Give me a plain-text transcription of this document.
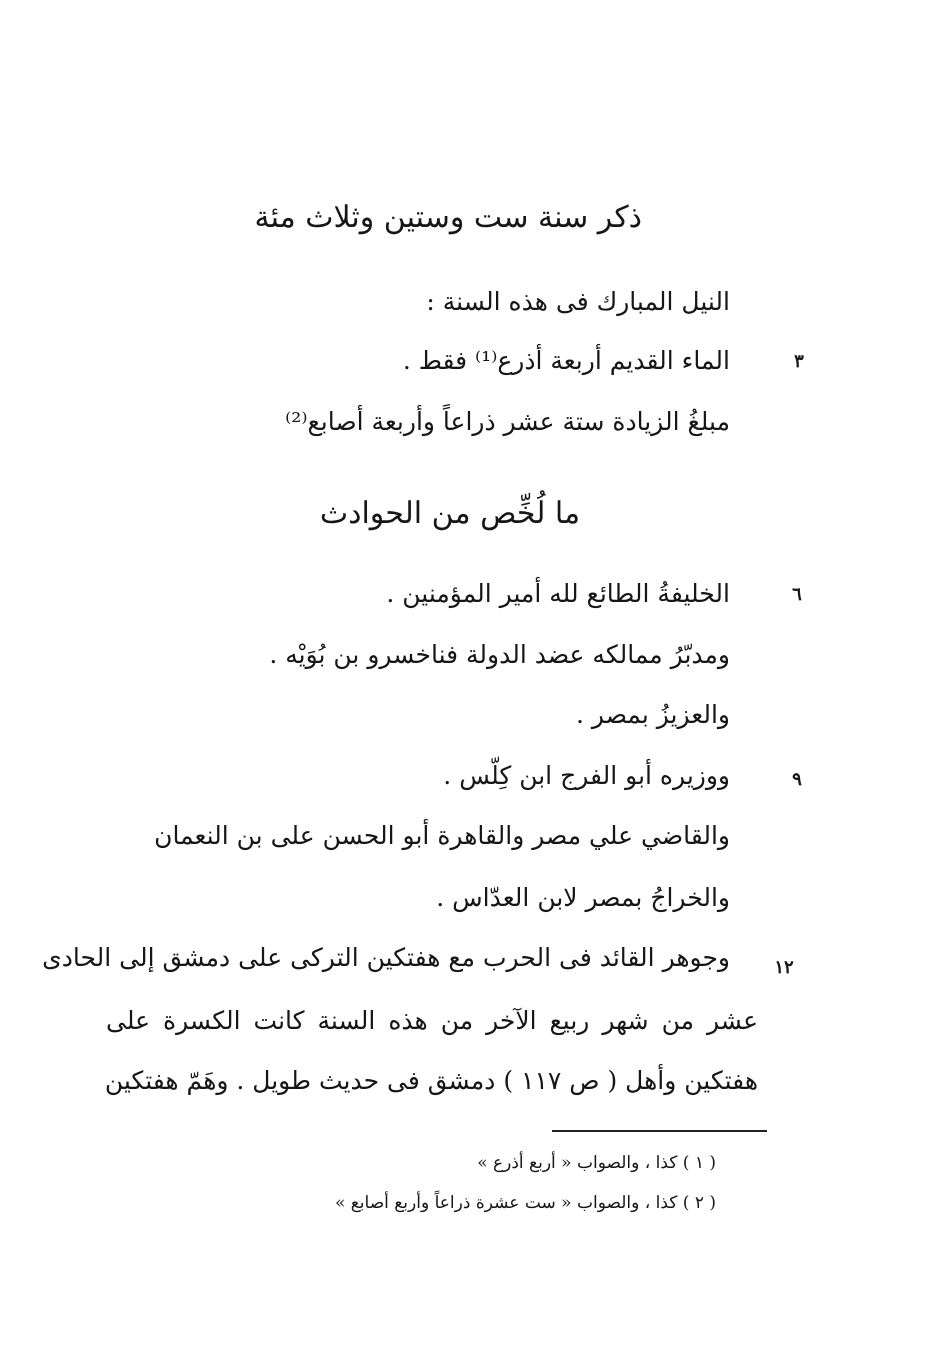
ذكر سنة ست وستين وثلاث مئة
النيل المبارك فى هذه السنة :
الماء القديم أربعة أذرع⁽¹⁾ فقط .	٣
مبلغُ الزيادة ستة عشر ذراعاً وأربعة أصابع⁽²⁾
ما لُخِّص من الحوادث
الخليفةُ الطائع لله أمير المؤمنين .	٦
ومدبّرُ ممالكه عضد الدولة فناخسرو بن بُوَيْه .
والعزيزُ بمصر .
ووزيره أبو الفرج ابن كِلّس .	٩
والقاضي علي مصر والقاهرة أبو الحسن على بن النعمان
والخراجُ بمصر لابن العدّاس .
وجوهر القائد فى الحرب مع هفتكين التركى على دمشق إلى الحادى	١٢
عشر من شهر ربيع الآخر من هذه السنة كانت الكسرة على
هفتكين وأهل ( ص ١١٧ ) دمشق فى حديث طويل . وهَمّ هفتكين
( ١ ) كذا ، والصواب « أربع أذرع »
( ٢ ) كذا ، والصواب « ست عشرة ذراعاً وأربع أصابع »
